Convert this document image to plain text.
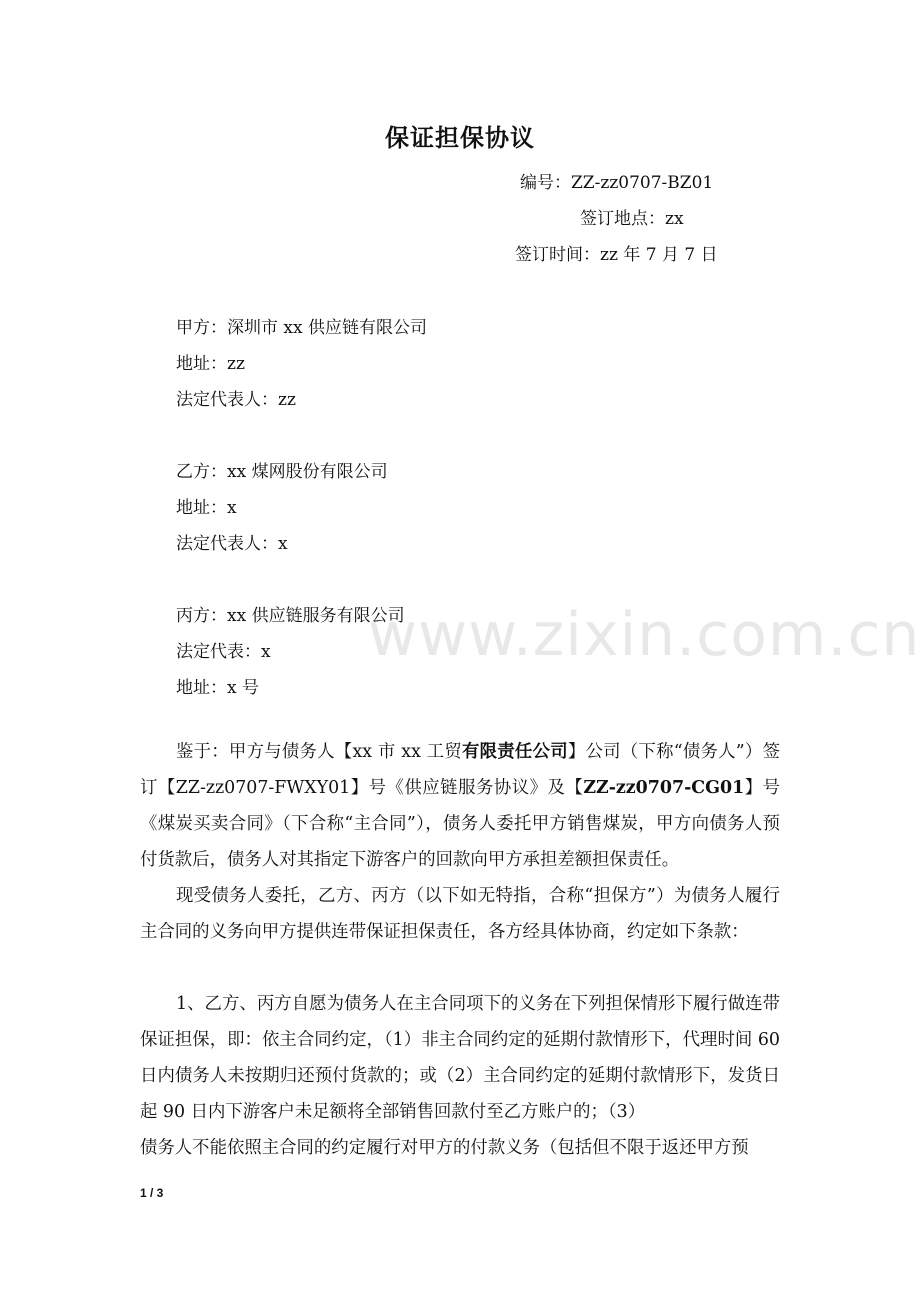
保证担保协议
编号：ZZ-zz0707-BZ01
签订地点：zx
签订时间：zz 年 7 月 7 日
甲方：深圳市 xx 供应链有限公司
地址：zz
法定代表人：zz
乙方：xx 煤网股份有限公司
地址：x
法定代表人：x
丙方：xx 供应链服务有限公司
法定代表：x
地址：x 号
鉴于：甲方与债务人【xx 市 xx 工贸有限责任公司】公司（下称“债务人”）签订【ZZ-zz0707-FWXY01】号《供应链服务协议》及【ZZ-zz0707-CG01】号《煤炭买卖合同》（下合称“主合同”），债务人委托甲方销售煤炭，甲方向债务人预付货款后，债务人对其指定下游客户的回款向甲方承担差额担保责任。
现受债务人委托，乙方、丙方（以下如无特指，合称“担保方”）为债务人履行主合同的义务向甲方提供连带保证担保责任，各方经具体协商，约定如下条款：
1、乙方、丙方自愿为债务人在主合同项下的义务在下列担保情形下履行做连带保证担保，即：依主合同约定，（1）非主合同约定的延期付款情形下，代理时间 60 日内债务人未按期归还预付货款的；或（2）主合同约定的延期付款情形下，发货日起 90 日内下游客户未足额将全部销售回款付至乙方账户的；（3）
债务人不能依照主合同的约定履行对甲方的付款义务（包括但不限于返还甲方预
www.zixin.com.cn
1 / 3
